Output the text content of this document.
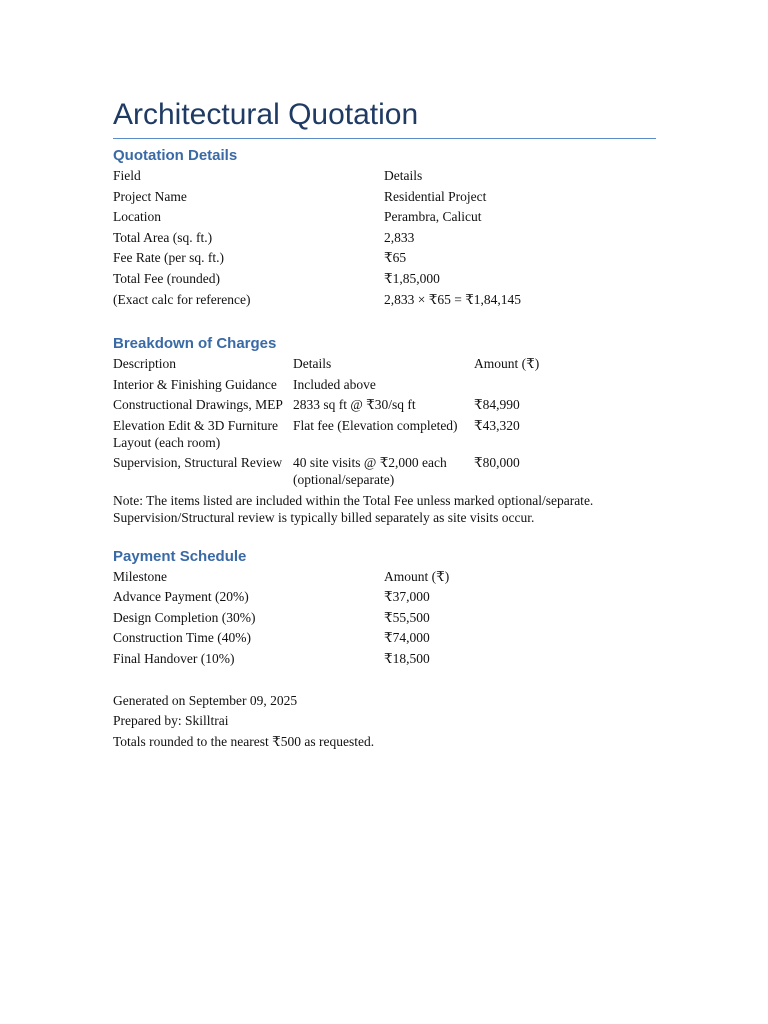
Architectural Quotation
Quotation Details
Field	Details
Project Name	Residential Project
Location	Perambra, Calicut
Total Area (sq. ft.)	2,833
Fee Rate (per sq. ft.)	₹65
Total Fee (rounded)	₹1,85,000
(Exact calc for reference)	2,833 × ₹65 = ₹1,84,145
Breakdown of Charges
Description	Details	Amount (₹)
Interior & Finishing Guidance	Included above	
Constructional Drawings, MEP	2833 sq ft @ ₹30/sq ft	₹84,990
Elevation Edit & 3D Furniture Layout (each room)	Flat fee (Elevation completed)	₹43,320
Supervision, Structural Review	40 site visits @ ₹2,000 each (optional/separate)	₹80,000

Note: The items listed are included within the Total Fee unless marked optional/separate. Supervision/Structural review is typically billed separately as site visits occur.

Payment Schedule
Milestone	Amount (₹)
Advance Payment (20%)	₹37,000
Design Completion (30%)	₹55,500
Construction Time (40%)	₹74,000
Final Handover (10%)	₹18,500

Generated on September 09, 2025

Prepared by: Skilltrai

Totals rounded to the nearest ₹500 as requested.
